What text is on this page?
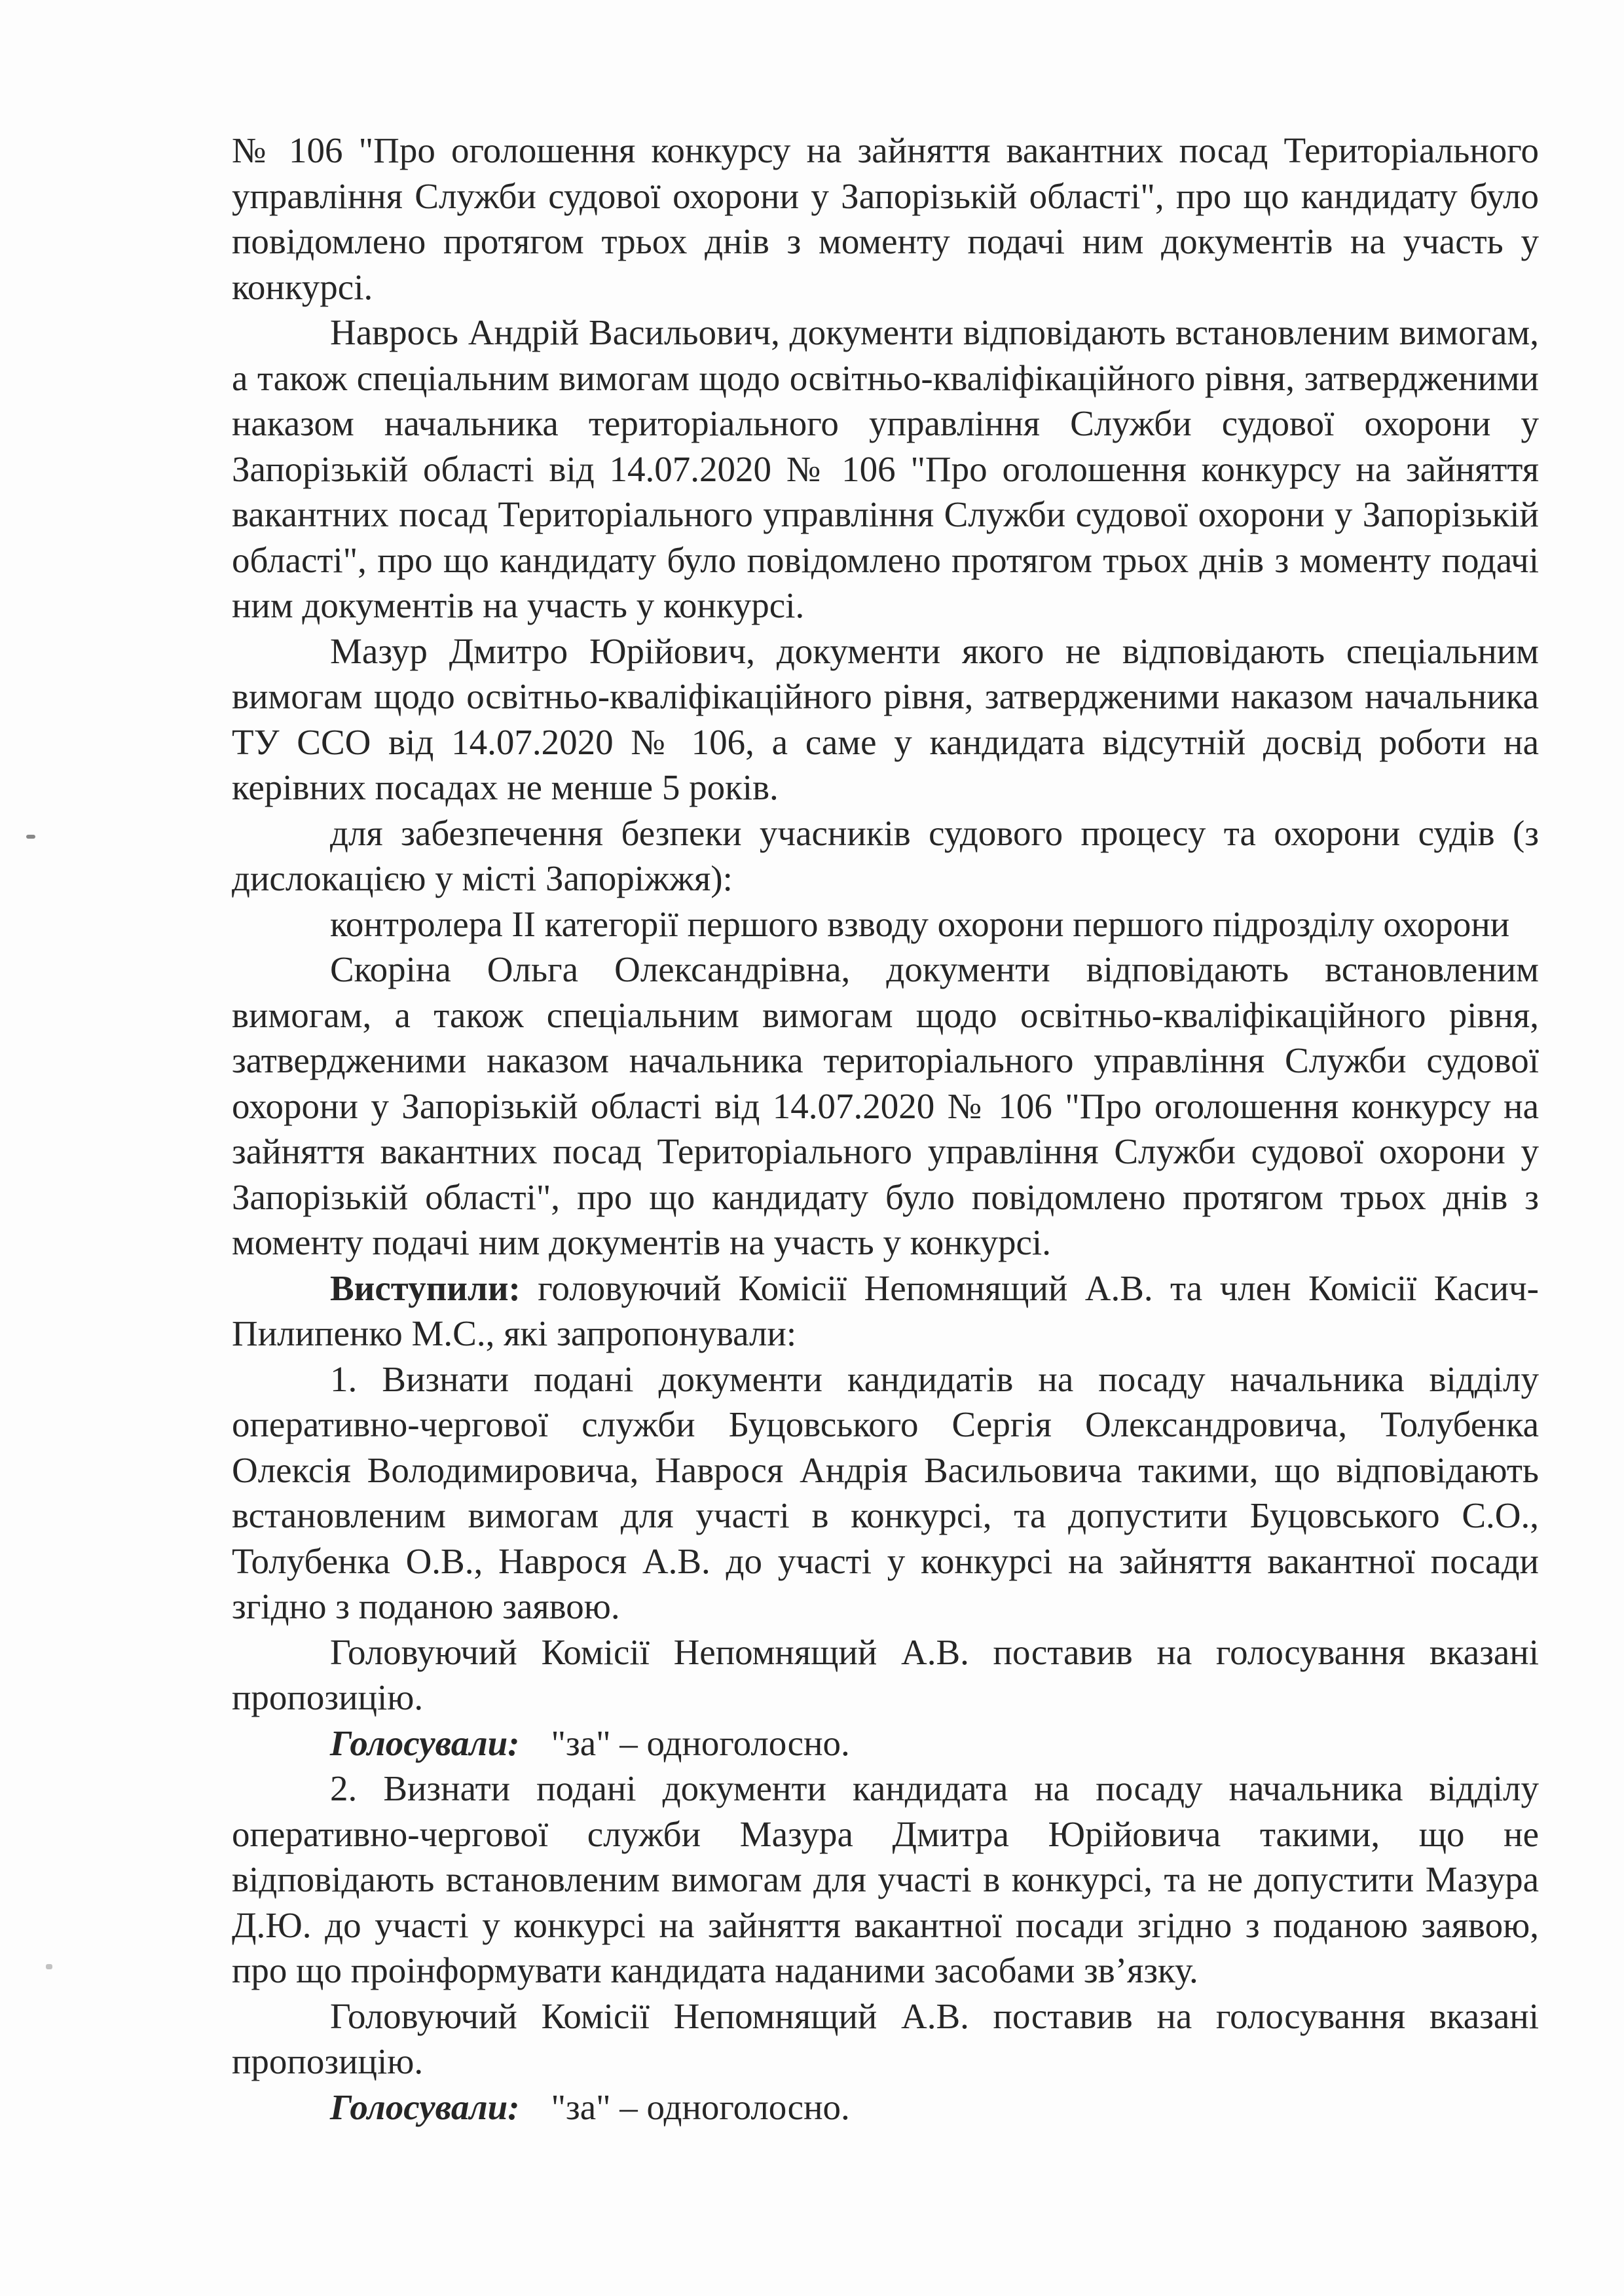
№ 106 "Про оголошення конкурсу на зайняття вакантних посад Територіального управління Служби судової охорони у Запорізькій області", про що кандидату було повідомлено протягом трьох днів з моменту подачі ним документів на участь у конкурсі.

Наврось Андрій Васильович, документи відповідають встановленим вимогам, а також спеціальним вимогам щодо освітньо-кваліфікаційного рівня, затвердженими наказом начальника територіального управління Служби судової охорони у Запорізькій області від 14.07.2020 № 106 "Про оголошення конкурсу на зайняття вакантних посад Територіального управління Служби судової охорони у Запорізькій області", про що кандидату було повідомлено протягом трьох днів з моменту подачі ним документів на участь у конкурсі.

Мазур Дмитро Юрійович, документи якого не відповідають спеціальним вимогам щодо освітньо-кваліфікаційного рівня, затвердженими наказом начальника ТУ ССО від 14.07.2020 № 106, а саме у кандидата відсутній досвід роботи на керівних посадах не менше 5 років.

для забезпечення безпеки учасників судового процесу та охорони судів (з дислокацією у місті Запоріжжя):

контролера ІІ категорії першого взводу охорони першого підрозділу охорони

Скоріна Ольга Олександрівна, документи відповідають встановленим вимогам, а також спеціальним вимогам щодо освітньо-кваліфікаційного рівня, затвердженими наказом начальника територіального управління Служби судової охорони у Запорізькій області від 14.07.2020 № 106 "Про оголошення конкурсу на зайняття вакантних посад Територіального управління Служби судової охорони у Запорізькій області", про що кандидату було повідомлено протягом трьох днів з моменту подачі ним документів на участь у конкурсі.

Виступили: головуючий Комісії Непомнящий А.В. та член Комісії Касич-Пилипенко М.С., які запропонували:

1. Визнати подані документи кандидатів на посаду начальника відділу оперативно-чергової служби Буцовського Сергія Олександровича, Толубенка Олексія Володимировича, Наврося Андрія Васильовича такими, що відповідають встановленим вимогам для участі в конкурсі, та допустити Буцовського С.О., Толубенка О.В., Наврося А.В. до участі у конкурсі на зайняття вакантної посади згідно з поданою заявою.

Головуючий Комісії Непомнящий А.В. поставив на голосування вказані пропозицію.

Голосували: "за" – одноголосно.

2. Визнати подані документи кандидата на посаду начальника відділу оперативно-чергової служби Мазура Дмитра Юрійовича такими, що не відповідають встановленим вимогам для участі в конкурсі, та не допустити Мазура Д.Ю. до участі у конкурсі на зайняття вакантної посади згідно з поданою заявою, про що проінформувати кандидата наданими засобами зв’язку.

Головуючий Комісії Непомнящий А.В. поставив на голосування вказані пропозицію.

Голосували: "за" – одноголосно.
